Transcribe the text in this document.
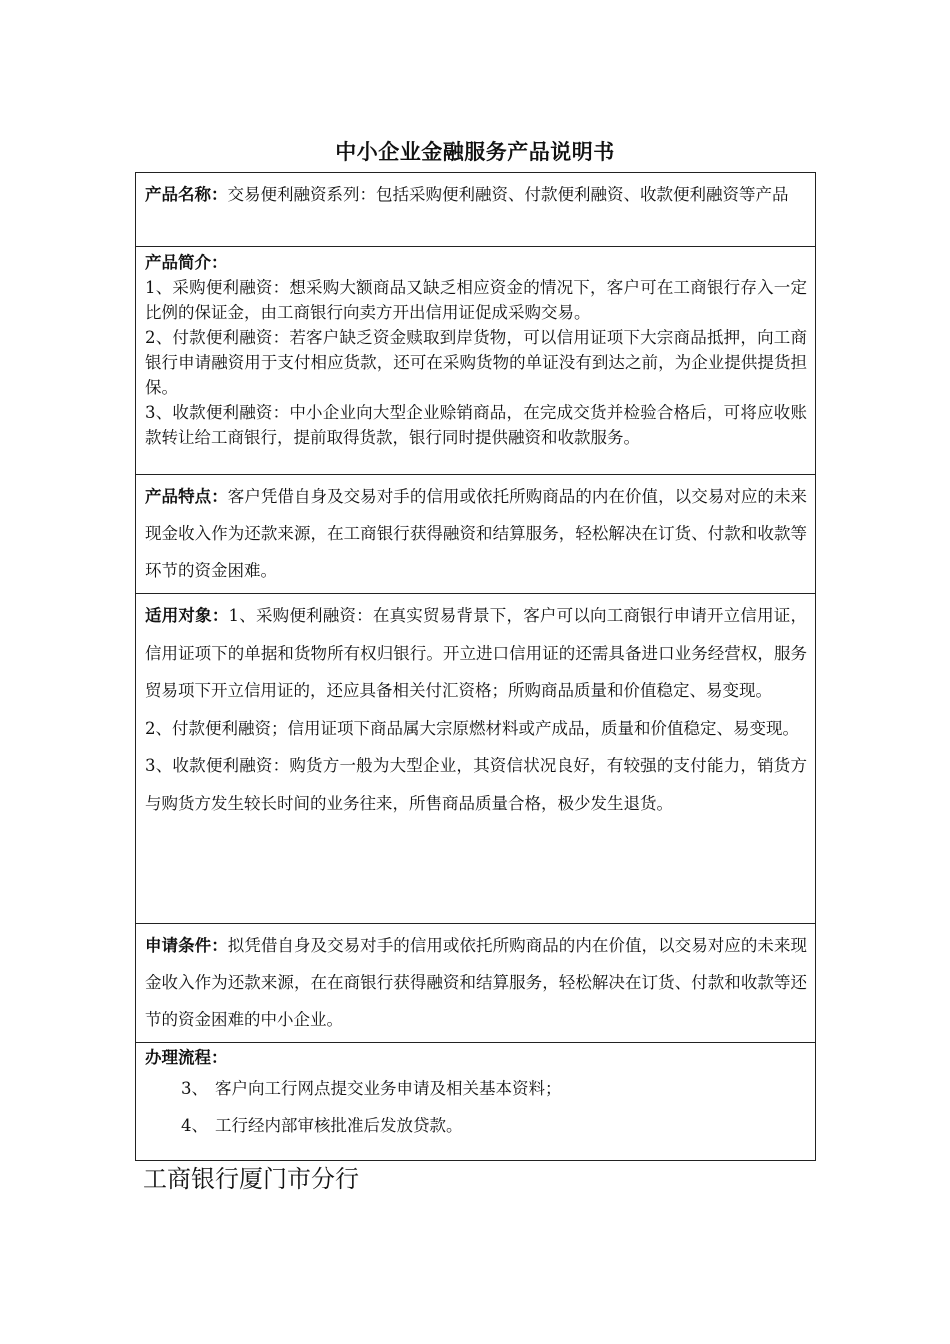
中小企业金融服务产品说明书
产品名称：交易便利融资系列：包括采购便利融资、付款便利融资、收款便利融资等产品

产品简介：

1、采购便利融资：想采购大额商品又缺乏相应资金的情况下，客户可在工商银行存入一定比例的保证金，由工商银行向卖方开出信用证促成采购交易。

2、付款便利融资：若客户缺乏资金赎取到岸货物，可以信用证项下大宗商品抵押，向工商银行申请融资用于支付相应货款，还可在采购货物的单证没有到达之前，为企业提供提货担保。

3、收款便利融资：中小企业向大型企业赊销商品，在完成交货并检验合格后，可将应收账款转让给工商银行，提前取得货款，银行同时提供融资和收款服务。

产品特点：客户凭借自身及交易对手的信用或依托所购商品的内在价值，以交易对应的未来现金收入作为还款来源，在工商银行获得融资和结算服务，轻松解决在订货、付款和收款等环节的资金困难。

适用对象：1、采购便利融资：在真实贸易背景下，客户可以向工商银行申请开立信用证，信用证项下的单据和货物所有权归银行。开立进口信用证的还需具备进口业务经营权，服务贸易项下开立信用证的，还应具备相关付汇资格；所购商品质量和价值稳定、易变现。

2、付款便利融资；信用证项下商品属大宗原燃材料或产成品，质量和价值稳定、易变现。

3、收款便利融资：购货方一般为大型企业，其资信状况良好，有较强的支付能力，销货方与购货方发生较长时间的业务往来，所售商品质量合格，极少发生退货。

申请条件：拟凭借自身及交易对手的信用或依托所购商品的内在价值，以交易对应的未来现金收入作为还款来源，在在商银行获得融资和结算服务，轻松解决在订货、付款和收款等还节的资金困难的中小企业。

办理流程：

3、 客户向工行网点提交业务申请及相关基本资料；

4、 工行经内部审核批准后发放贷款。

工商银行厦门市分行
